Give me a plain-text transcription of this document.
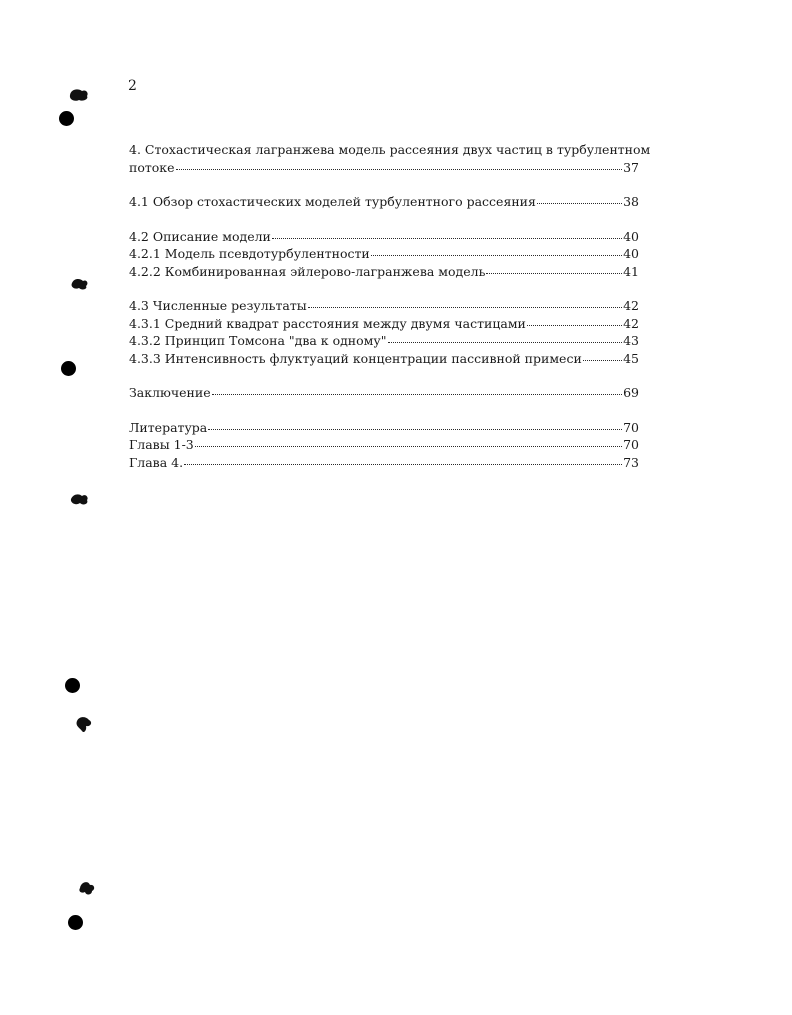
2
4. Стохастическая лагранжева модель рассеяния двух частиц в турбулентном
потоке	37
4.1 Обзор стохастических моделей турбулентного рассеяния	38
4.2 Описание модели	40
4.2.1 Модель псевдотурбулентности	40
4.2.2 Комбинированная эйлерово-лагранжева модель	41
4.3 Численные результаты	42
4.3.1 Средний квадрат расстояния между двумя частицами	42
4.3.2 Принцип Томсона "два к одному"	43
4.3.3 Интенсивность флуктуаций концентрации пассивной примеси	45
Заключение	69
Литература	70
Главы 1-3	70
Глава 4.	73
